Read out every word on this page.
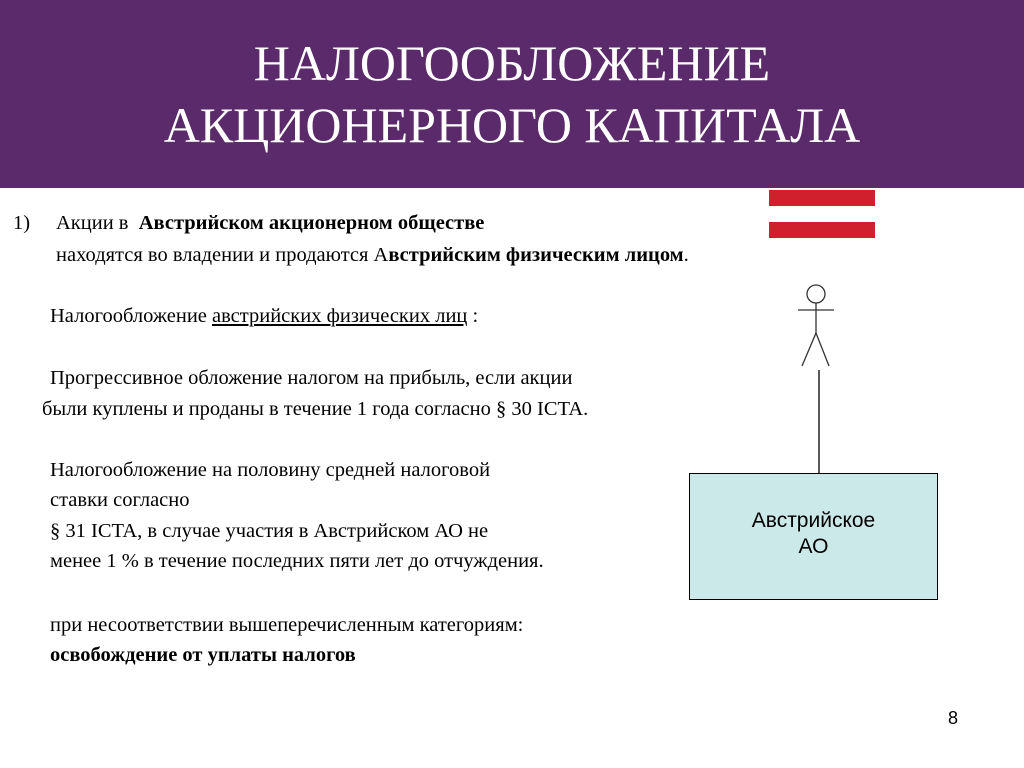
НАЛОГООБЛОЖЕНИЕ
АКЦИОНЕРНОГО КАПИТАЛА
1) Акции в Австрийском акционерном обществе
находятся во владении и продаются Австрийским физическим лицом.
Налогообложение австрийских физических лиц :
Прогрессивное обложение налогом на прибыль, если акции
были куплены и проданы в течение 1 года согласно § 30 ICTA.
Налогообложение на половину средней налоговой
ставки согласно
§ 31 ICTA, в случае участия в Австрийском АО не
менее 1 % в течение последних пяти лет до отчуждения.
при несоответствии вышеперечисленным категориям:
освобождение от уплаты налогов
Австрийское
АО
8
